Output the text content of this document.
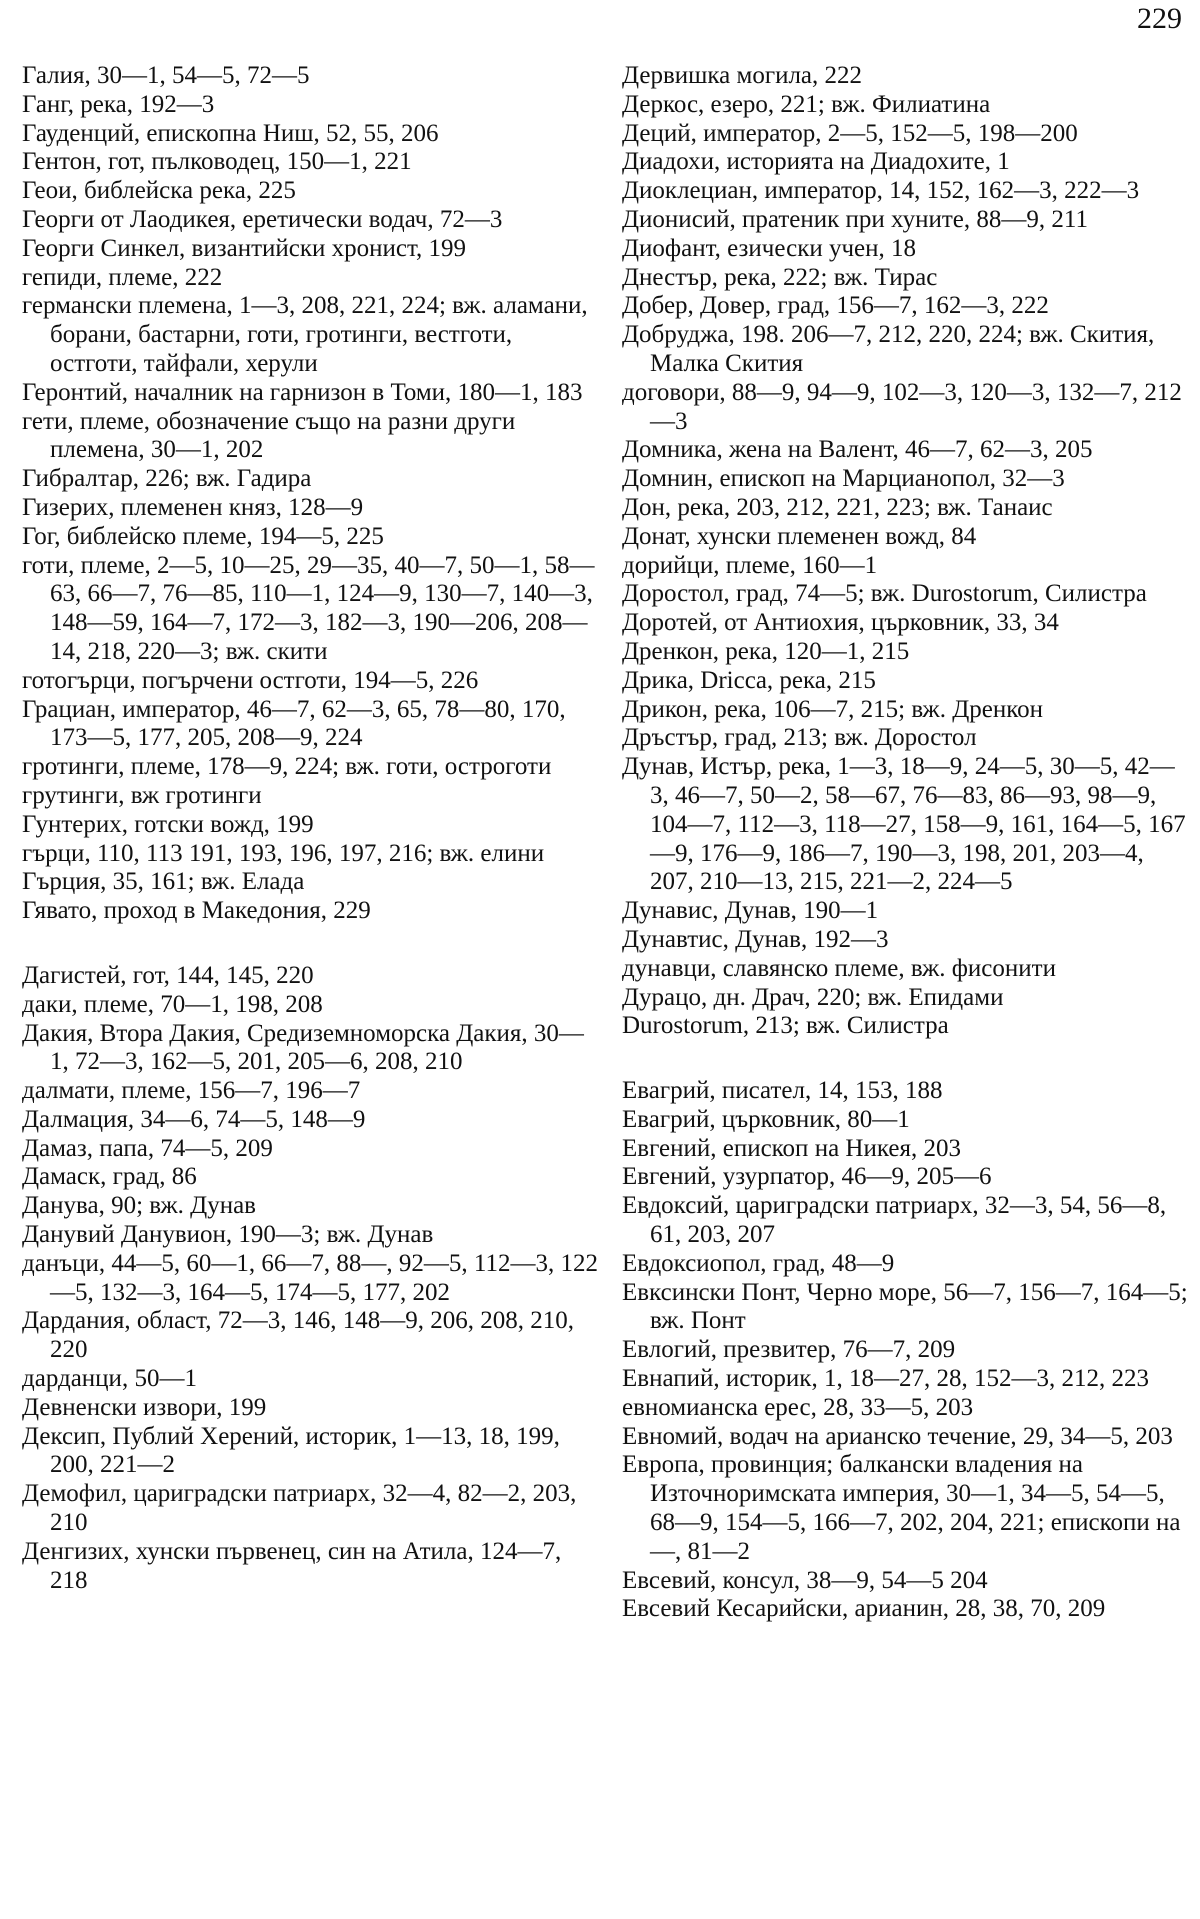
229
Галия, 30—1, 54—5, 72—5
Ганг, река, 192—3
Гауденций, епископна Ниш, 52, 55, 206
Гентон, гот, пълководец, 150—1, 221
Геои, библейска река, 225
Георги от Лаодикея, еретически водач, 72—3
Георги Синкел, византийски хронист, 199
гепиди, племе, 222
германски племена, 1—3, 208, 221, 224; вж. аламани, борани, бастарни, готи, гротинги, вестготи, остготи, тайфали, херули
Геронтий, началник на гарнизон в Томи, 180—1, 183
гети, племе, обозначение също на разни други племена, 30—1, 202
Гибралтар, 226; вж. Гадира
Гизерих, племенен княз, 128—9
Гог, библейско племе, 194—5, 225
готи, племе, 2—5, 10—25, 29—35, 40—7, 50—1, 58—63, 66—7, 76—85, 110—1, 124—9, 130—7, 140—3, 148—59, 164—7, 172—3, 182—3, 190—206, 208—14, 218, 220—3; вж. скити
готогърци, погърчени остготи, 194—5, 226
Грациан, император, 46—7, 62—3, 65, 78—80, 170, 173—5, 177, 205, 208—9, 224
гротинги, племе, 178—9, 224; вж. готи, остроготи
грутинги, вж гротинги
Гунтерих, готски вожд, 199
гърци, 110, 113 191, 193, 196, 197, 216; вж. елини
Гърция, 35, 161; вж. Елада
Гявато, проход в Македония, 229
Дагистей, гот, 144, 145, 220
даки, племе, 70—1, 198, 208
Дакия, Втора Дакия, Средиземноморска Дакия, 30—1, 72—3, 162—5, 201, 205—6, 208, 210
далмати, племе, 156—7, 196—7
Далмация, 34—6, 74—5, 148—9
Дамаз, папа, 74—5, 209
Дамаск, град, 86
Данува, 90; вж. Дунав
Данувий Данувион, 190—3; вж. Дунав
данъци, 44—5, 60—1, 66—7, 88—, 92—5, 112—3, 122—5, 132—3, 164—5, 174—5, 177, 202
Дардания, област, 72—3, 146, 148—9, 206, 208, 210, 220
дарданци, 50—1
Девненски извори, 199
Дексип, Публий Херений, историк, 1—13, 18, 199, 200, 221—2
Демофил, цариградски патриарх, 32—4, 82—2, 203, 210
Денгизих, хунски първенец, син на Атила, 124—7, 218
Дервишка могила, 222
Деркос, езеро, 221; вж. Филиатина
Деций, император, 2—5, 152—5, 198—200
Диадохи, историята на Диадохите, 1
Диоклециан, император, 14, 152, 162—3, 222—3
Дионисий, пратеник при хуните, 88—9, 211
Диофант, езически учен, 18
Днестър, река, 222; вж. Тирас
Добер, Довер, град, 156—7, 162—3, 222
Добруджа, 198. 206—7, 212, 220, 224; вж. Скития, Малка Скития
договори, 88—9, 94—9, 102—3, 120—3, 132—7, 212—3
Домника, жена на Валент, 46—7, 62—3, 205
Домнин, епископ на Марцианопол, 32—3
Дон, река, 203, 212, 221, 223; вж. Танаис
Донат, хунски племенен вожд, 84
дорийци, племе, 160—1
Доростол, град, 74—5; вж. Durostorum, Силистра
Доротей, от Антиохия, църковник, 33, 34
Дренкон, река, 120—1, 215
Дрика, Dricca, река, 215
Дрикон, река, 106—7, 215; вж. Дренкон
Дръстър, град, 213; вж. Доростол
Дунав, Истър, река, 1—3, 18—9, 24—5, 30—5, 42—3, 46—7, 50—2, 58—67, 76—83, 86—93, 98—9, 104—7, 112—3, 118—27, 158—9, 161, 164—5, 167—9, 176—9, 186—7, 190—3, 198, 201, 203—4, 207, 210—13, 215, 221—2, 224—5
Дунавис, Дунав, 190—1
Дунавтис, Дунав, 192—3
дунавци, славянско племе, вж. фисонити
Дурацо, дн. Драч, 220; вж. Епидами
Durostorum, 213; вж. Силистра
Евагрий, писател, 14, 153, 188
Евагрий, църковник, 80—1
Евгений, епископ на Никея, 203
Евгений, узурпатор, 46—9, 205—6
Евдоксий, цариградски патриарх, 32—3, 54, 56—8, 61, 203, 207
Евдоксиопол, град, 48—9
Евксински Понт, Черно море, 56—7, 156—7, 164—5; вж. Понт
Евлогий, презвитер, 76—7, 209
Евнапий, историк, 1, 18—27, 28, 152—3, 212, 223
евномианска ерес, 28, 33—5, 203
Евномий, водач на арианско течение, 29, 34—5, 203
Европа, провинция; балкански владения на Източноримската империя, 30—1, 34—5, 54—5, 68—9, 154—5, 166—7, 202, 204, 221; епископи на —, 81—2
Евсевий, консул, 38—9, 54—5 204
Евсевий Кесарийски, арианин, 28, 38, 70, 209
